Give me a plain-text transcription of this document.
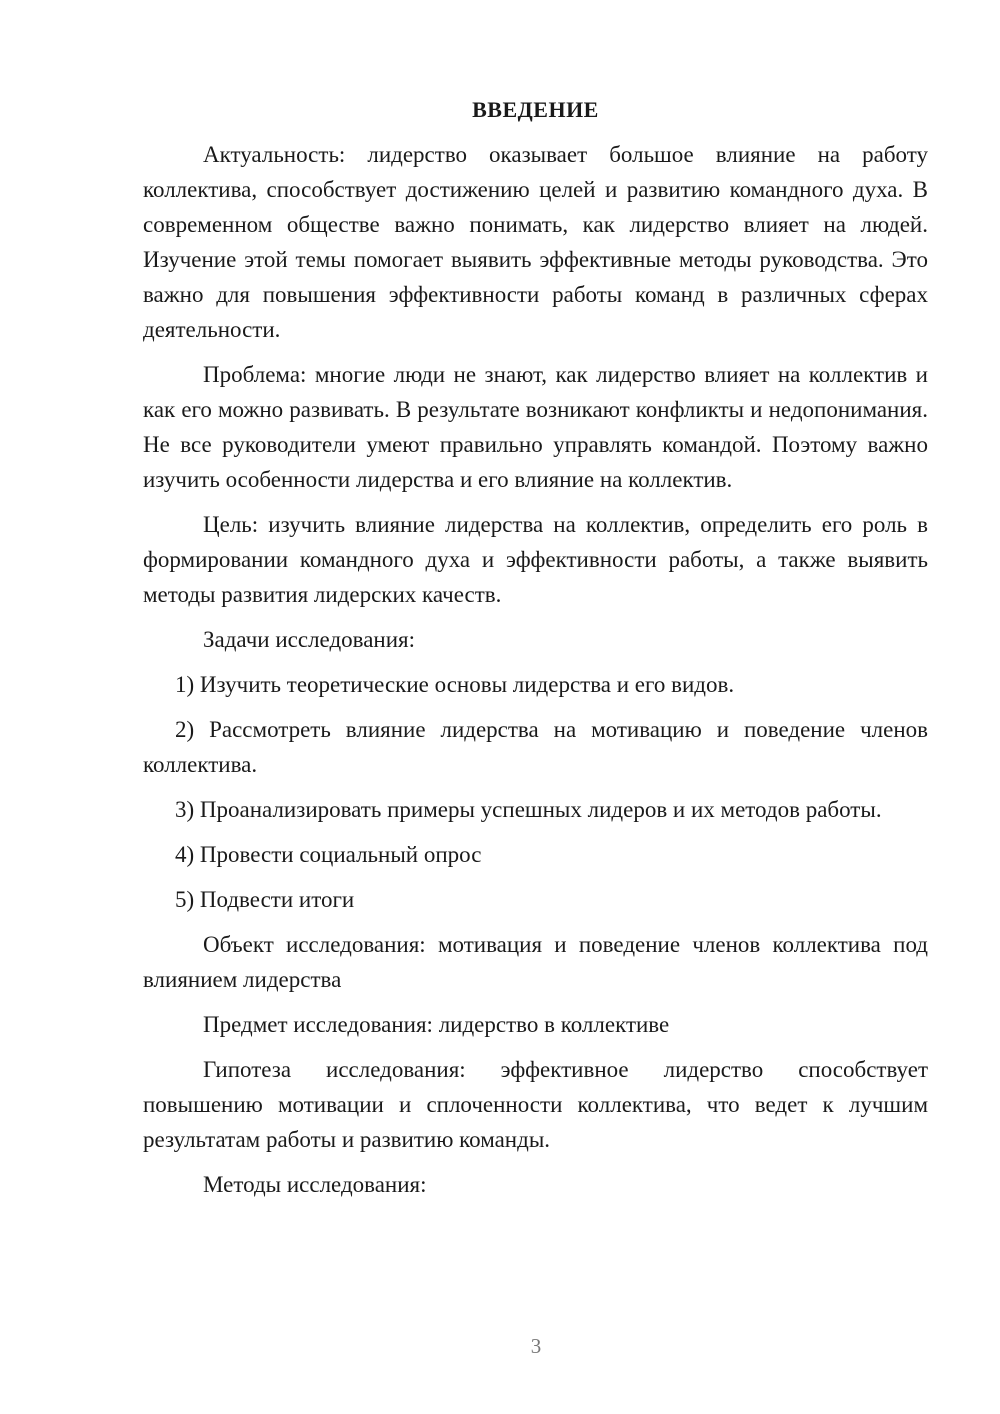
ВВЕДЕНИЕ

Актуальность: лидерство оказывает большое влияние на работу коллектива, способствует достижению целей и развитию командного духа. В современном обществе важно понимать, как лидерство влияет на людей. Изучение этой темы помогает выявить эффективные методы руководства. Это важно для повышения эффективности работы команд в различных сферах деятельности.

Проблема: многие люди не знают, как лидерство влияет на коллектив и как его можно развивать. В результате возникают конфликты и недопонимания. Не все руководители умеют правильно управлять командой. Поэтому важно изучить особенности лидерства и его влияние на коллектив.

Цель: изучить влияние лидерства на коллектив, определить его роль в формировании командного духа и эффективности работы, а также выявить методы развития лидерских качеств.

Задачи исследования:

1) Изучить теоретические основы лидерства и его видов.

2) Рассмотреть влияние лидерства на мотивацию и поведение членов коллектива.

3) Проанализировать примеры успешных лидеров и их методов работы.

4) Провести социальный опрос

5) Подвести итоги

Объект исследования: мотивация и поведение членов коллектива под влиянием лидерства

Предмет исследования: лидерство в коллективе

Гипотеза исследования: эффективное лидерство способствует повышению мотивации и сплоченности коллектива, что ведет к лучшим результатам работы и развитию команды.

Методы исследования:

3
